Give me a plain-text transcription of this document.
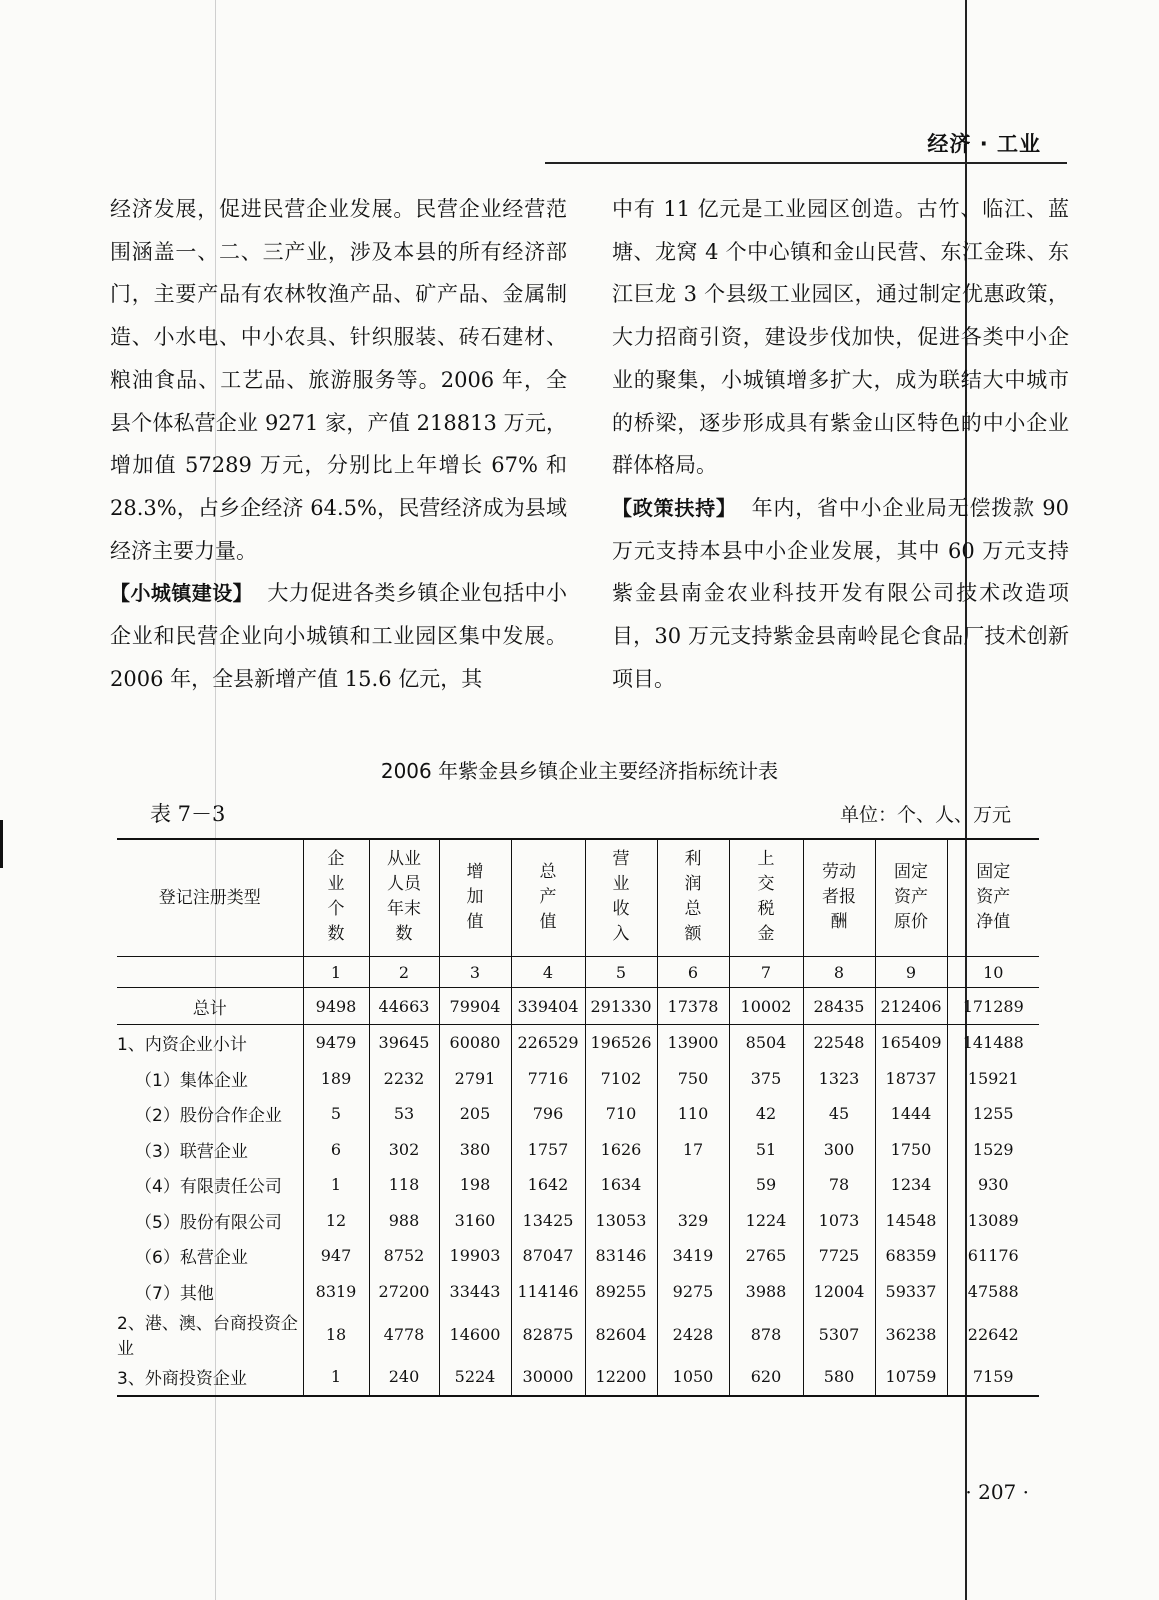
经济 · 工业

经济发展，促进民营企业发展。民营企业经营范围涵盖一、二、三产业，涉及本县的所有经济部门，主要产品有农林牧渔产品、矿产品、金属制造、小水电、中小农具、针织服装、砖石建材、粮油食品、工艺品、旅游服务等。2006 年，全县个体私营企业 9271 家，产值 218813 万元，增加值 57289 万元，分别比上年增长 67% 和 28.3%，占乡企经济 64.5%，民营经济成为县域经济主要力量。

【小城镇建设】 大力促进各类乡镇企业包括中小企业和民营企业向小城镇和工业园区集中发展。2006 年，全县新增产值 15.6 亿元，其

中有 11 亿元是工业园区创造。古竹、临江、蓝塘、龙窝 4 个中心镇和金山民营、东江金珠、东江巨龙 3 个县级工业园区，通过制定优惠政策，大力招商引资，建设步伐加快，促进各类中小企业的聚集，小城镇增多扩大，成为联结大中城市的桥梁，逐步形成具有紫金山区特色的中小企业群体格局。

【政策扶持】 年内，省中小企业局无偿拨款 90 万元支持本县中小企业发展，其中 60 万元支持紫金县南金农业科技开发有限公司技术改造项目，30 万元支持紫金县南岭昆仑食品厂技术创新项目。

2006 年紫金县乡镇企业主要经济指标统计表
表 7－3	单位：个、人、万元
登记注册类型	企业个数	从业人员年末数	增加值	总产值	营业收入	利润总额	上交税金	劳动者报酬	固定资产原价	固定资产净值
	1	2	3	4	5	6	7	8	9	10
总计	9498	44663	79904	339404	291330	17378	10002	28435	212406	171289
1、内资企业小计	9479	39645	60080	226529	196526	13900	8504	22548	165409	141488
（1）集体企业	189	2232	2791	7716	7102	750	375	1323	18737	15921
（2）股份合作企业	5	53	205	796	710	110	42	45	1444	1255
（3）联营企业	6	302	380	1757	1626	17	51	300	1750	1529
（4）有限责任公司	1	118	198	1642	1634		59	78	1234	930
（5）股份有限公司	12	988	3160	13425	13053	329	1224	1073	14548	13089
（6）私营企业	947	8752	19903	87047	83146	3419	2765	7725	68359	61176
（7）其他	8319	27200	33443	114146	89255	9275	3988	12004	59337	47588
2、港、澳、台商投资企业	18	4778	14600	82875	82604	2428	878	5307	36238	22642
3、外商投资企业	1	240	5224	30000	12200	1050	620	580	10759	7159
· 207 ·
